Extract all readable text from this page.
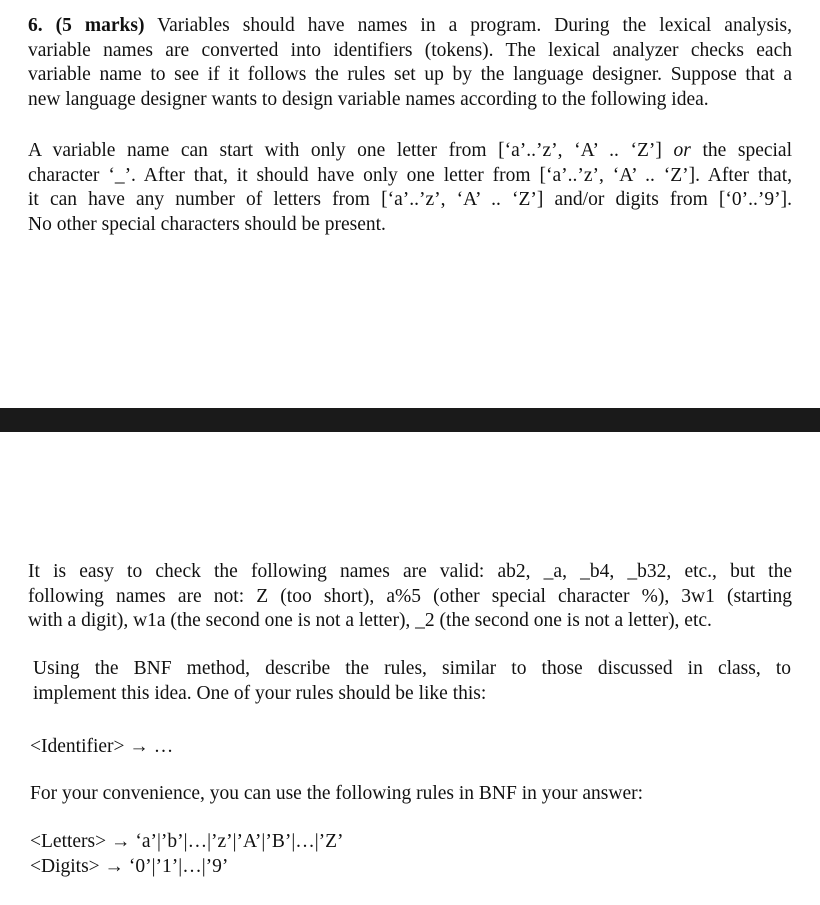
6. (5 marks) Variables should have names in a program. During the lexical analysis,
variable names are converted into identifiers (tokens). The lexical analyzer checks each
variable name to see if it follows the rules set up by the language designer. Suppose that a
new language designer wants to design variable names according to the following idea.
A variable name can start with only one letter from [‘a’..’z’, ‘A’ .. ‘Z’] or the special
character ‘_’. After that, it should have only one letter from [‘a’..’z’, ‘A’ .. ‘Z’]. After that,
it can have any number of letters from [‘a’..’z’, ‘A’ .. ‘Z’] and/or digits from [‘0’..’9’].
No other special characters should be present.
It is easy to check the following names are valid: ab2, _a, _b4, _b32, etc., but the
following names are not: Z (too short), a%5 (other special character %), 3w1 (starting
with a digit), w1a (the second one is not a letter), _2 (the second one is not a letter), etc.
Using the BNF method, describe the rules, similar to those discussed in class, to
implement this idea. One of your rules should be like this:
<Identifier> → …
For your convenience, you can use the following rules in BNF in your answer:
<Letters> → ‘a’|’b’|…|’z’|’A’|’B’|…|’Z’
<Digits> → ‘0’|’1’|…|’9’
